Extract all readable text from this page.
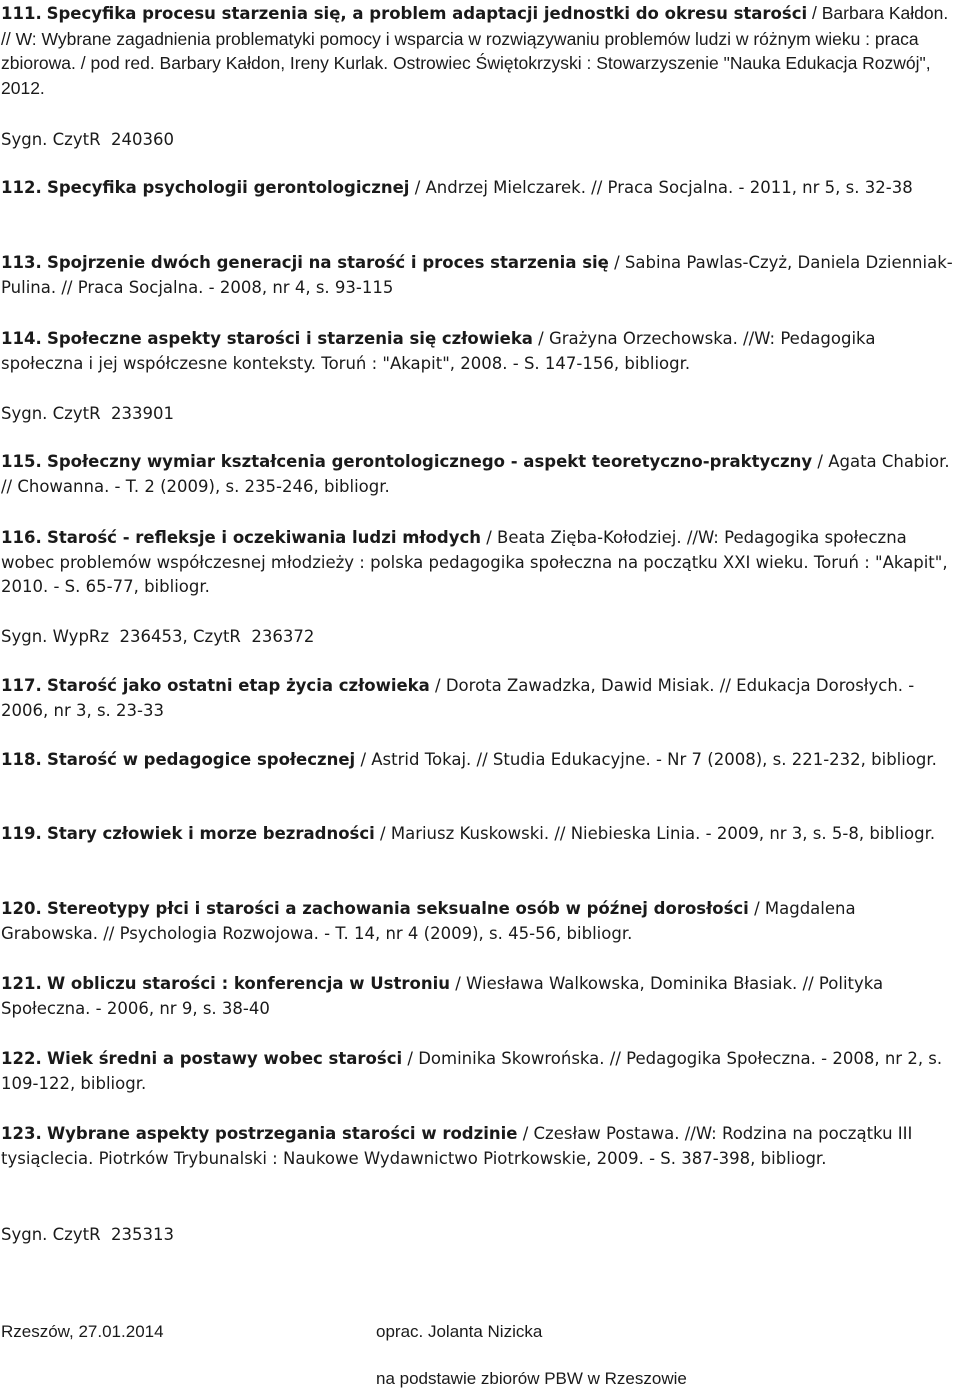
111. Specyfika procesu starzenia się, a problem adaptacji jednostki do okresu starości / Barbara Kałdon. // W: Wybrane zagadnienia problematyki pomocy i wsparcia w rozwiązywaniu problemów ludzi w różnym wieku : praca zbiorowa. / pod red. Barbary Kałdon, Ireny Kurlak. Ostrowiec Świętokrzyski : Stowarzyszenie "Nauka Edukacja Rozwój", 2012.

Sygn. CzytR  240360

112. Specyfika psychologii gerontologicznej / Andrzej Mielczarek. // Praca Socjalna. - 2011, nr 5, s. 32-38

113. Spojrzenie dwóch generacji na starość i proces starzenia się / Sabina Pawlas-Czyż, Daniela Dzienniak-Pulina. // Praca Socjalna. - 2008, nr 4, s. 93-115

114. Społeczne aspekty starości i starzenia się człowieka / Grażyna Orzechowska. //W: Pedagogika społeczna i jej współczesne konteksty. Toruń : "Akapit", 2008. - S. 147-156, bibliogr.

Sygn. CzytR  233901

115. Społeczny wymiar kształcenia gerontologicznego - aspekt teoretyczno-praktyczny / Agata Chabior. // Chowanna. - T. 2 (2009), s. 235-246, bibliogr.

116. Starość - refleksje i oczekiwania ludzi młodych / Beata Zięba-Kołodziej. //W: Pedagogika społeczna wobec problemów współczesnej młodzieży : polska pedagogika społeczna na początku XXI wieku. Toruń : "Akapit", 2010. - S. 65-77, bibliogr.

Sygn. WypRz  236453, CzytR  236372

117. Starość jako ostatni etap życia człowieka / Dorota Zawadzka, Dawid Misiak. // Edukacja Dorosłych. - 2006, nr 3, s. 23-33

118. Starość w pedagogice społecznej / Astrid Tokaj. // Studia Edukacyjne. - Nr 7 (2008), s. 221-232, bibliogr.

119. Stary człowiek i morze bezradności / Mariusz Kuskowski. // Niebieska Linia. - 2009, nr 3, s. 5-8, bibliogr.

120. Stereotypy płci i starości a zachowania seksualne osób w późnej dorosłości / Magdalena Grabowska. // Psychologia Rozwojowa. - T. 14, nr 4 (2009), s. 45-56, bibliogr.

121. W obliczu starości : konferencja w Ustroniu / Wiesława Walkowska, Dominika Błasiak. // Polityka Społeczna. - 2006, nr 9, s. 38-40

122. Wiek średni a postawy wobec starości / Dominika Skowrońska. // Pedagogika Społeczna. - 2008, nr 2, s. 109-122, bibliogr.

123. Wybrane aspekty postrzegania starości w rodzinie / Czesław Postawa. //W: Rodzina na początku III tysiąclecia. Piotrków Trybunalski : Naukowe Wydawnictwo Piotrkowskie, 2009. - S. 387-398, bibliogr.

Sygn. CzytR  235313
Rzeszów, 27.01.2014	oprac. Jolanta Nizicka
na podstawie zbiorów PBW w Rzeszowie
